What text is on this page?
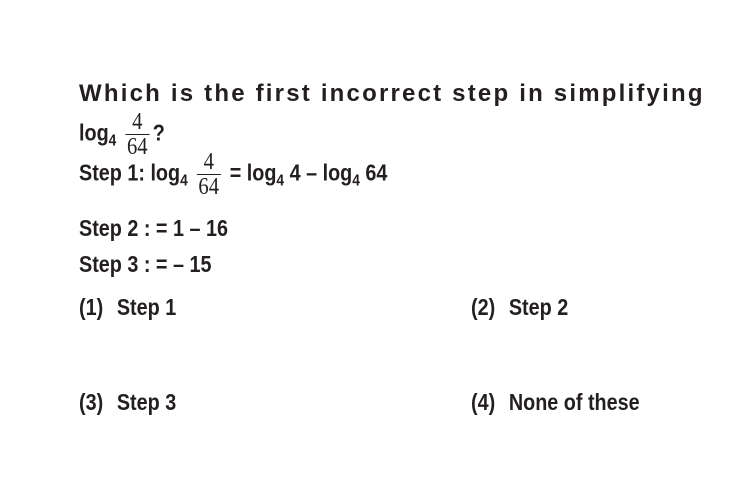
Which is the first incorrect step in simplifying
$\log_4 \frac{4}{64}$ ?
Step 1: $\log_4 \frac{4}{64} = \log_4 4 - \log_4 64$
Step 2 : = 1 – 16
Step 3 : = – 15
(1) Step 1	(2) Step 2
(3) Step 3	(4) None of these
